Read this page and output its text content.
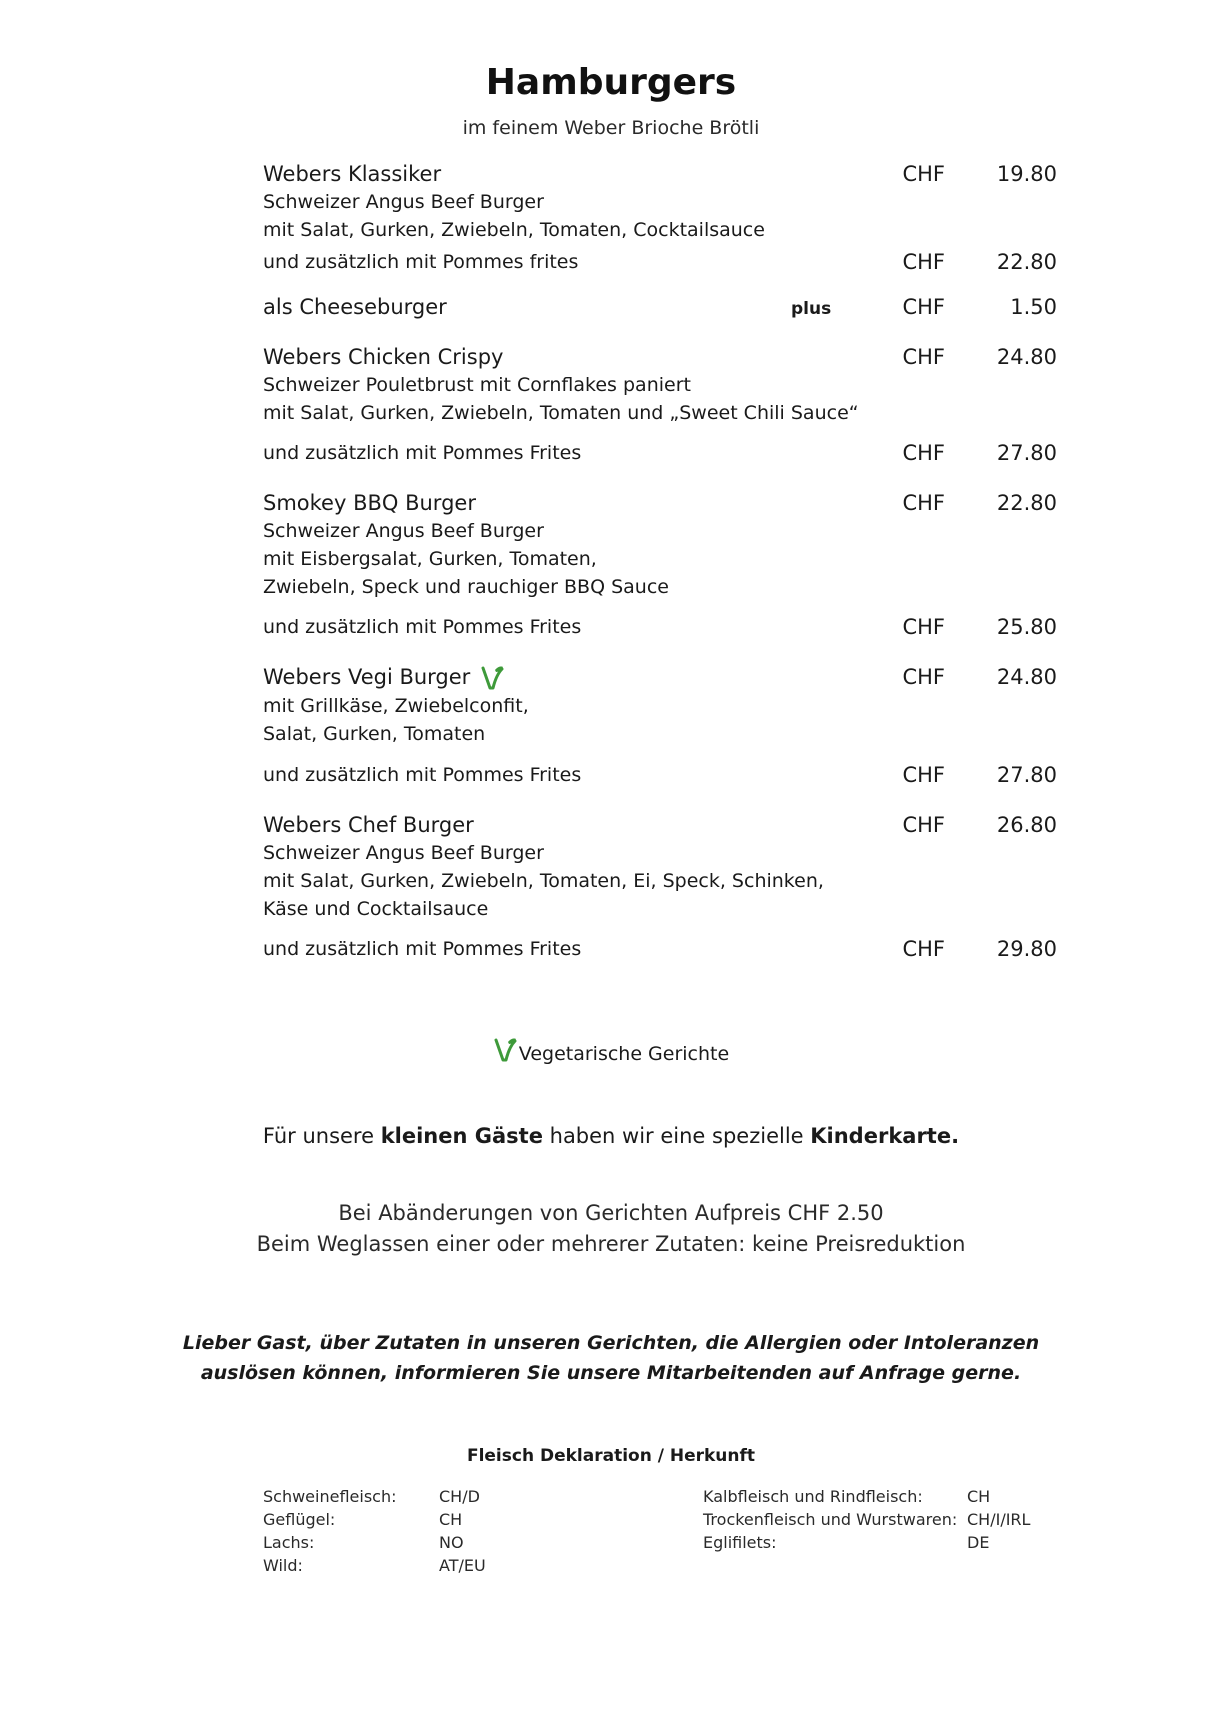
Hamburgers
im feinem Weber Brioche Brötli
Webers Klassiker
Schweizer Angus Beef Burger
mit Salat, Gurken, Zwiebeln, Tomaten, Cocktailsauce
CHF	19.80
und zusätzlich mit Pommes frites	CHF	22.80
als Cheeseburger	plus	CHF	1.50
Webers Chicken Crispy
Schweizer Pouletbrust mit Cornflakes paniert
mit Salat, Gurken, Zwiebeln, Tomaten und „Sweet Chili Sauce“
CHF	24.80
und zusätzlich mit Pommes Frites	CHF	27.80
Smokey BBQ Burger
Schweizer Angus Beef Burger
mit Eisbergsalat, Gurken, Tomaten,
Zwiebeln, Speck und rauchiger BBQ Sauce
CHF	22.80
und zusätzlich mit Pommes Frites	CHF	25.80
Webers Vegi Burger
mit Grillkäse, Zwiebelconfit,
Salat, Gurken, Tomaten
CHF	24.80
und zusätzlich mit Pommes Frites	CHF	27.80
Webers Chef Burger
Schweizer Angus Beef Burger
mit Salat, Gurken, Zwiebeln, Tomaten, Ei, Speck, Schinken,
Käse und Cocktailsauce
CHF	26.80
und zusätzlich mit Pommes Frites	CHF	29.80
Vegetarische Gerichte
Für unsere kleinen Gäste haben wir eine spezielle Kinderkarte.
Bei Abänderungen von Gerichten Aufpreis CHF 2.50
Beim Weglassen einer oder mehrerer Zutaten: keine Preisreduktion
Lieber Gast, über Zutaten in unseren Gerichten, die Allergien oder Intoleranzen
auslösen können, informieren Sie unsere Mitarbeitenden auf Anfrage gerne.
Fleisch Deklaration / Herkunft
Schweinefleisch:	CH/D
Geflügel:	CH
Lachs:	NO
Wild:	AT/EU
Kalbfleisch und Rindfleisch:	CH
Trockenfleisch und Wurstwaren: CH/I/IRL
Eglifilets:	DE
